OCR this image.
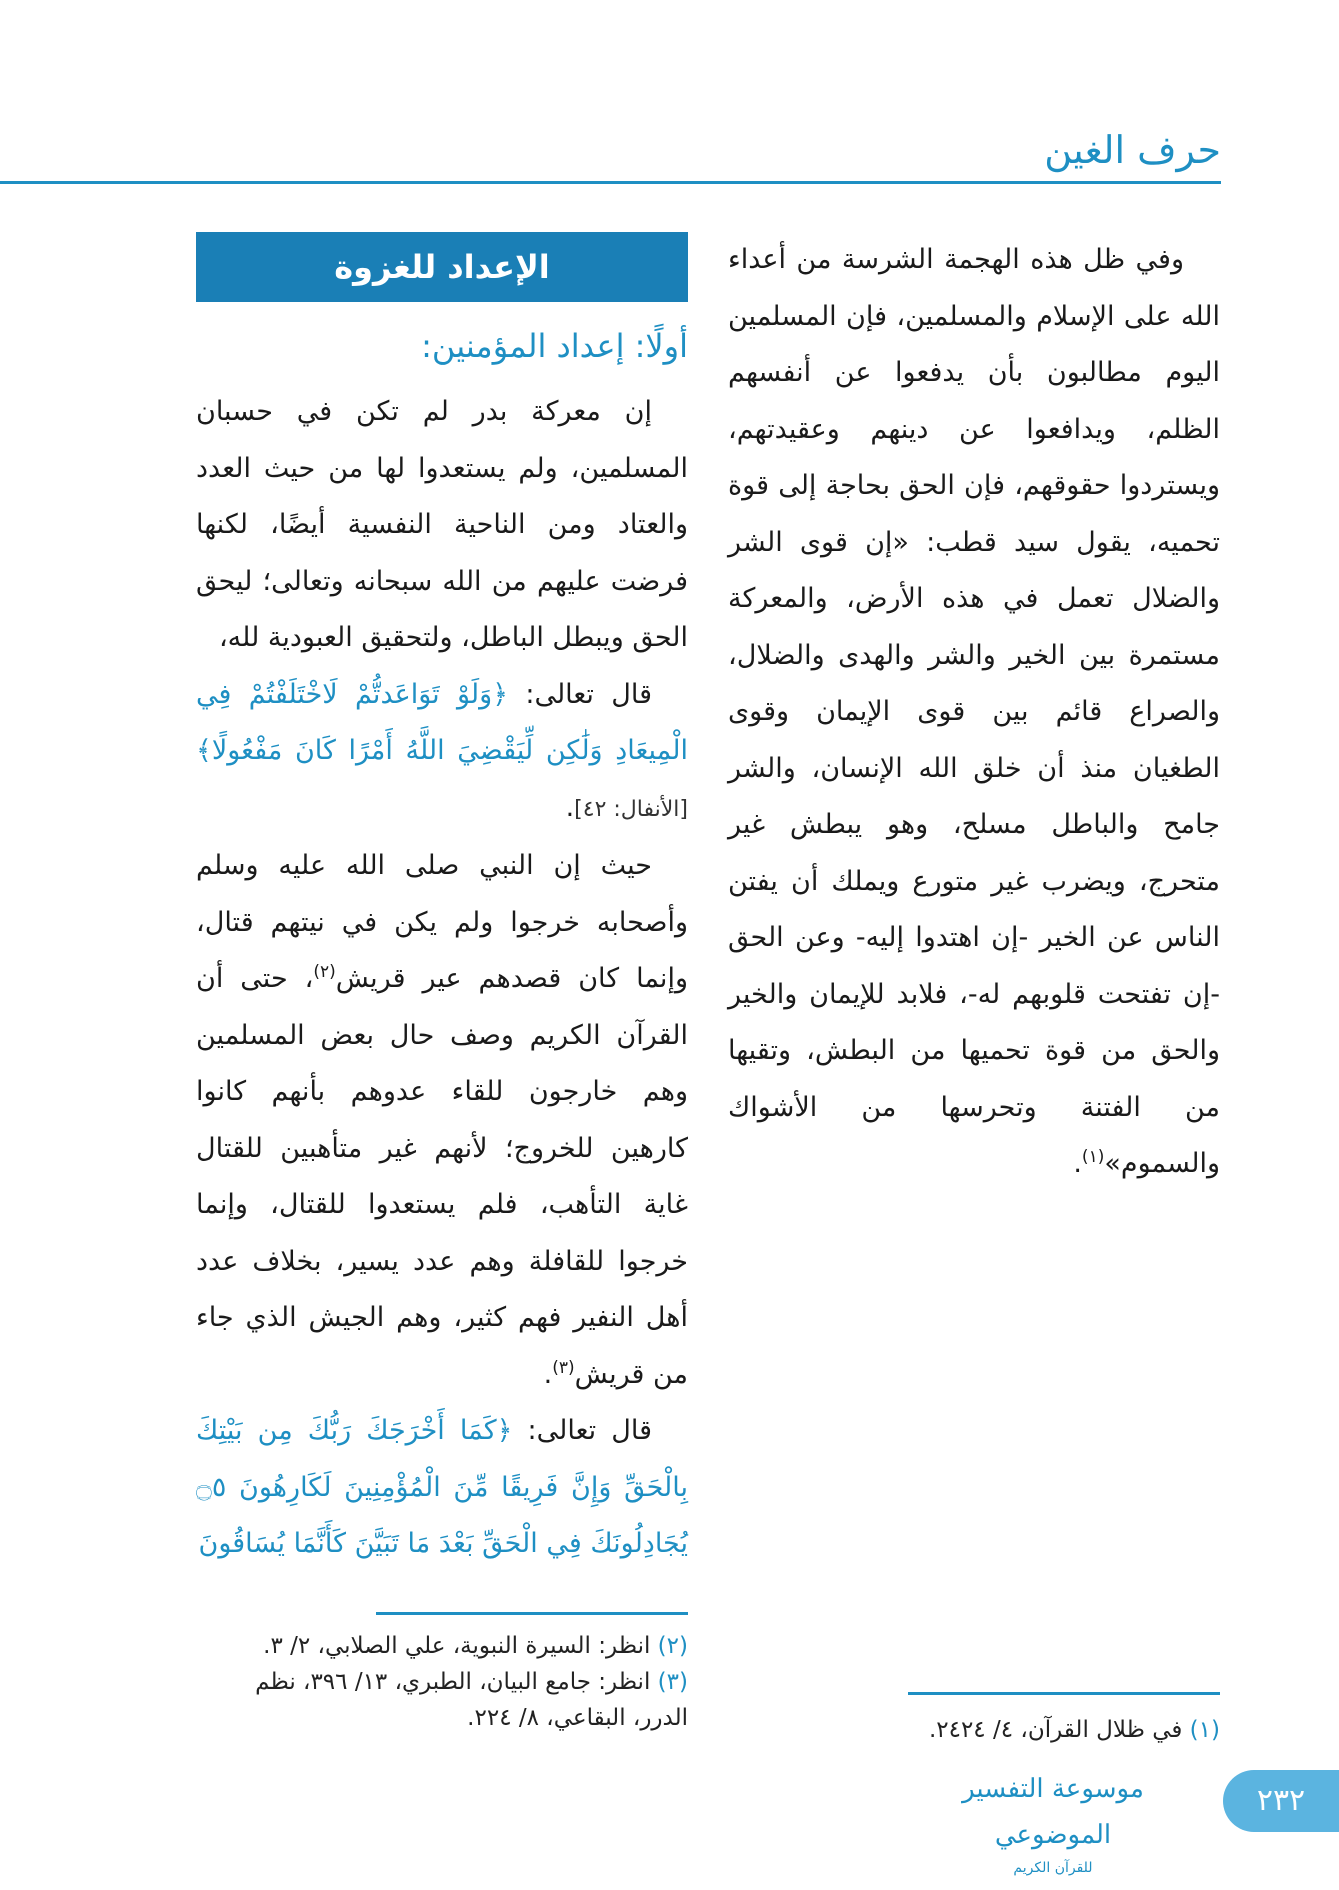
حرف الغين

وفي ظل هذه الهجمة الشرسة من أعداء الله على الإسلام والمسلمين، فإن المسلمين اليوم مطالبون بأن يدفعوا عن أنفسهم الظلم، ويدافعوا عن دينهم وعقيدتهم، ويستردوا حقوقهم، فإن الحق بحاجة إلى قوة تحميه، يقول سيد قطب: «إن قوى الشر والضلال تعمل في هذه الأرض، والمعركة مستمرة بين الخير والشر والهدى والضلال، والصراع قائم بين قوى الإيمان وقوى الطغيان منذ أن خلق الله الإنسان، والشر جامح والباطل مسلح، وهو يبطش غير متحرج، ويضرب غير متورع ويملك أن يفتن الناس عن الخير -إن اهتدوا إليه- وعن الحق -إن تفتحت قلوبهم له-، فلابد للإيمان والخير والحق من قوة تحميها من البطش، وتقيها من الفتنة وتحرسها من الأشواك والسموم»$^{(١)}$.

الإعداد للغزوة
أولًا: إعداد المؤمنين:

إن معركة بدر لم تكن في حسبان المسلمين، ولم يستعدوا لها من حيث العدد والعتاد ومن الناحية النفسية أيضًا، لكنها فرضت عليهم من الله سبحانه وتعالى؛ ليحق الحق ويبطل الباطل، ولتحقيق العبودية لله،

قال تعالى: ﴿وَلَوْ تَوَاعَدتُّمْ لَاخْتَلَفْتُمْ فِي الْمِيعَادِ وَلَٰكِن لِّيَقْضِيَ اللَّهُ أَمْرًا كَانَ مَفْعُولًا﴾ [الأنفال: ٤٢].

حيث إن النبي صلى الله عليه وسلم وأصحابه خرجوا ولم يكن في نيتهم قتال، وإنما كان قصدهم عير قريش$^{(٢)}$، حتى أن القرآن الكريم وصف حال بعض المسلمين وهم خارجون للقاء عدوهم بأنهم كانوا كارهين للخروج؛ لأنهم غير متأهبين للقتال غاية التأهب، فلم يستعدوا للقتال، وإنما خرجوا للقافلة وهم عدد يسير، بخلاف عدد أهل النفير فهم كثير، وهم الجيش الذي جاء من قريش$^{(٣)}$.

قال تعالى: ﴿كَمَا أَخْرَجَكَ رَبُّكَ مِن بَيْتِكَ بِالْحَقِّ وَإِنَّ فَرِيقًا مِّنَ الْمُؤْمِنِينَ لَكَارِهُونَ ۝٥ يُجَادِلُونَكَ فِي الْحَقِّ بَعْدَ مَا تَبَيَّنَ كَأَنَّمَا يُسَاقُونَ

(٢) انظر: السيرة النبوية، علي الصلابي، ٢/ ٣.

(٣) انظر: جامع البيان، الطبري، ١٣/ ٣٩٦، نظم الدرر، البقاعي، ٨/ ٢٢٤.	(١) في ظلال القرآن، ٤/ ٢٤٢٤.

موسوعة التفسير الموضوعي
للقرآن الكريم
٢٣٢
